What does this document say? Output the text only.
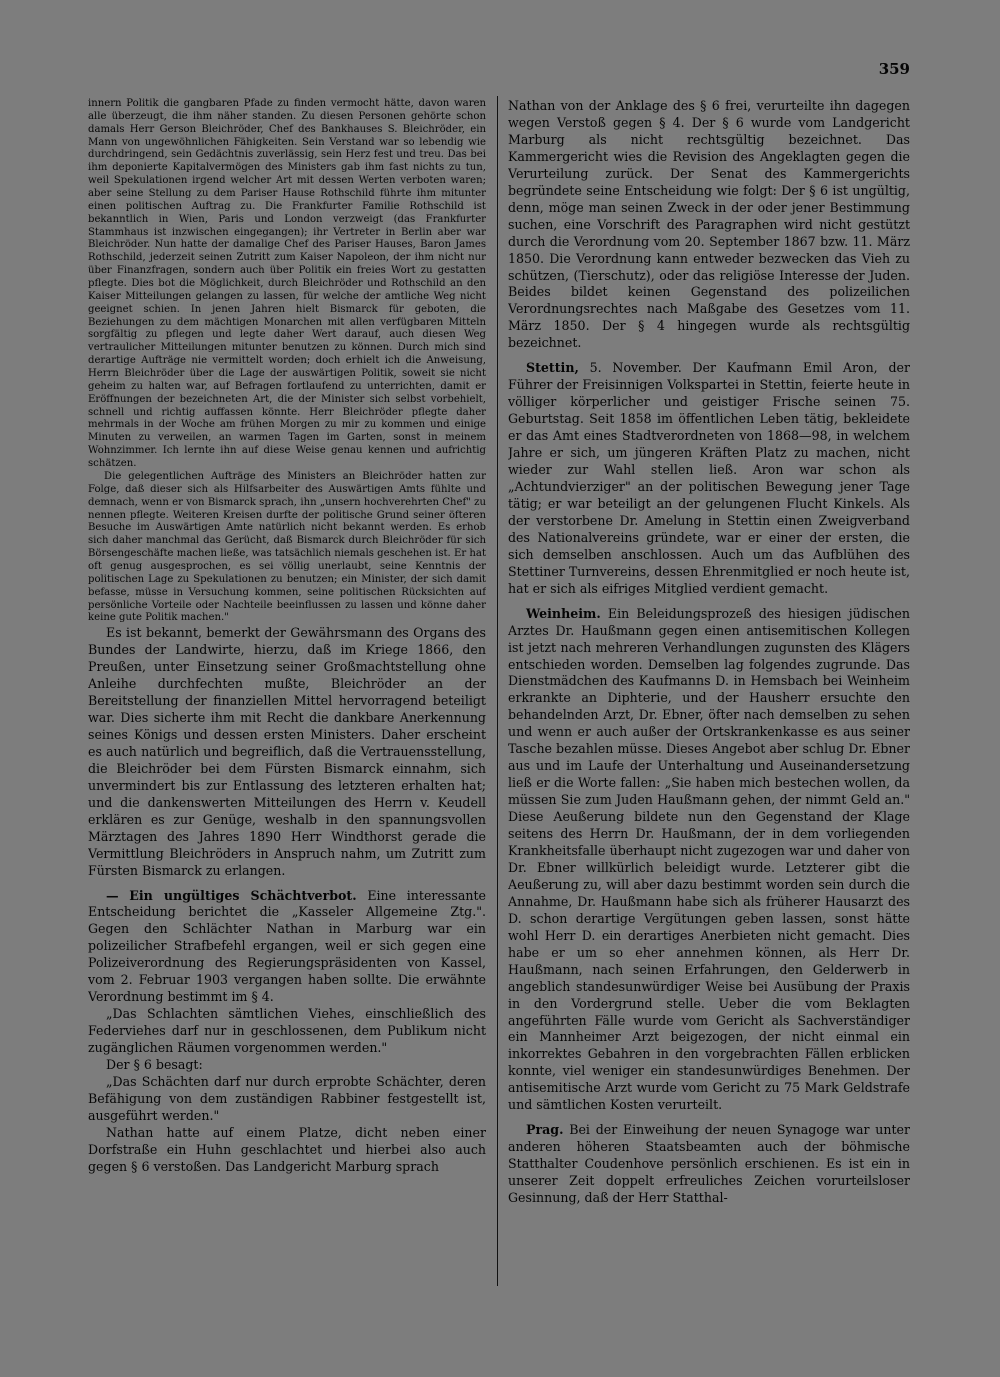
359

innern Politik die gangbaren Pfade zu finden vermocht hätte, davon waren alle überzeugt, die ihm näher standen. Zu diesen Personen gehörte schon damals Herr Gerson Bleichröder, Chef des Bankhauses S. Bleichröder, ein Mann von ungewöhnlichen Fähigkeiten. Sein Verstand war so lebendig wie durchdringend, sein Gedächtnis zuverlässig, sein Herz fest und treu. Das bei ihm deponierte Kapitalvermögen des Ministers gab ihm fast nichts zu tun, weil Spekulationen irgend welcher Art mit dessen Werten verboten waren; aber seine Stellung zu dem Pariser Hause Rothschild führte ihm mitunter einen politischen Auftrag zu. Die Frankfurter Familie Rothschild ist bekanntlich in Wien, Paris und London verzweigt (das Frankfurter Stammhaus ist inzwischen eingegangen); ihr Vertreter in Berlin aber war Bleichröder. Nun hatte der damalige Chef des Pariser Hauses, Baron James Rothschild, jederzeit seinen Zutritt zum Kaiser Napoleon, der ihm nicht nur über Finanzfragen, sondern auch über Politik ein freies Wort zu gestatten pflegte. Dies bot die Möglichkeit, durch Bleichröder und Rothschild an den Kaiser Mitteilungen gelangen zu lassen, für welche der amtliche Weg nicht geeignet schien. In jenen Jahren hielt Bismarck für geboten, die Beziehungen zu dem mächtigen Monarchen mit allen verfügbaren Mitteln sorgfältig zu pflegen und legte daher Wert darauf, auch diesen Weg vertraulicher Mitteilungen mitunter benutzen zu können. Durch mich sind derartige Aufträge nie vermittelt worden; doch erhielt ich die Anweisung, Herrn Bleichröder über die Lage der auswärtigen Politik, soweit sie nicht geheim zu halten war, auf Befragen fortlaufend zu unterrichten, damit er Eröffnungen der bezeichneten Art, die der Minister sich selbst vorbehielt, schnell und richtig auffassen könnte. Herr Bleichröder pflegte daher mehrmals in der Woche am frühen Morgen zu mir zu kommen und einige Minuten zu verweilen, an warmen Tagen im Garten, sonst in meinem Wohnzimmer. Ich lernte ihn auf diese Weise genau kennen und aufrichtig schätzen.

Die gelegentlichen Aufträge des Ministers an Bleichröder hatten zur Folge, daß dieser sich als Hilfsarbeiter des Auswärtigen Amts fühlte und demnach, wenn er von Bismarck sprach, ihn „unsern hochverehrten Chef" zu nennen pflegte. Weiteren Kreisen durfte der politische Grund seiner öfteren Besuche im Auswärtigen Amte natürlich nicht bekannt werden. Es erhob sich daher manchmal das Gerücht, daß Bismarck durch Bleichröder für sich Börsengeschäfte machen ließe, was tatsächlich niemals geschehen ist. Er hat oft genug ausgesprochen, es sei völlig unerlaubt, seine Kenntnis der politischen Lage zu Spekulationen zu benutzen; ein Minister, der sich damit befasse, müsse in Versuchung kommen, seine politischen Rücksichten auf persönliche Vorteile oder Nachteile beeinflussen zu lassen und könne daher keine gute Politik machen."

Es ist bekannt, bemerkt der Gewährsmann des Organs des Bundes der Landwirte, hierzu, daß im Kriege 1866, den Preußen, unter Einsetzung seiner Großmachtstellung ohne Anleihe durchfechten mußte, Bleichröder an der Bereitstellung der finanziellen Mittel hervorragend beteiligt war. Dies sicherte ihm mit Recht die dankbare Anerkennung seines Königs und dessen ersten Ministers. Daher erscheint es auch natürlich und begreiflich, daß die Vertrauensstellung, die Bleichröder bei dem Fürsten Bismarck einnahm, sich unvermindert bis zur Entlassung des letzteren erhalten hat; und die dankenswerten Mitteilungen des Herrn v. Keudell erklären es zur Genüge, weshalb in den spannungsvollen Märztagen des Jahres 1890 Herr Windthorst gerade die Vermittlung Bleichröders in Anspruch nahm, um Zutritt zum Fürsten Bismarck zu erlangen.

— Ein ungültiges Schächtverbot. Eine interessante Entscheidung berichtet die „Kasseler Allgemeine Ztg.". Gegen den Schlächter Nathan in Marburg war ein polizeilicher Strafbefehl ergangen, weil er sich gegen eine Polizeiverordnung des Regierungspräsidenten von Kassel, vom 2. Februar 1903 vergangen haben sollte. Die erwähnte Verordnung bestimmt im § 4.

„Das Schlachten sämtlichen Viehes, einschließlich des Federviehes darf nur in geschlossenen, dem Publikum nicht zugänglichen Räumen vorgenommen werden."

Der § 6 besagt:

„Das Schächten darf nur durch erprobte Schächter, deren Befähigung von dem zuständigen Rabbiner festgestellt ist, ausgeführt werden."

Nathan hatte auf einem Platze, dicht neben einer Dorfstraße ein Huhn geschlachtet und hierbei also auch gegen § 6 verstoßen. Das Landgericht Marburg sprach

Nathan von der Anklage des § 6 frei, verurteilte ihn dagegen wegen Verstoß gegen § 4. Der § 6 wurde vom Landgericht Marburg als nicht rechtsgültig bezeichnet. Das Kammergericht wies die Revision des Angeklagten gegen die Verurteilung zurück. Der Senat des Kammergerichts begründete seine Entscheidung wie folgt: Der § 6 ist ungültig, denn, möge man seinen Zweck in der oder jener Bestimmung suchen, eine Vorschrift des Paragraphen wird nicht gestützt durch die Verordnung vom 20. September 1867 bzw. 11. März 1850. Die Verordnung kann entweder bezwecken das Vieh zu schützen, (Tierschutz), oder das religiöse Interesse der Juden. Beides bildet keinen Gegenstand des polizeilichen Verordnungsrechtes nach Maßgabe des Gesetzes vom 11. März 1850. Der § 4 hingegen wurde als rechtsgültig bezeichnet.

Stettin, 5. November. Der Kaufmann Emil Aron, der Führer der Freisinnigen Volkspartei in Stettin, feierte heute in völliger körperlicher und geistiger Frische seinen 75. Geburtstag. Seit 1858 im öffentlichen Leben tätig, bekleidete er das Amt eines Stadtverordneten von 1868—98, in welchem Jahre er sich, um jüngeren Kräften Platz zu machen, nicht wieder zur Wahl stellen ließ. Aron war schon als „Achtundvierziger" an der politischen Bewegung jener Tage tätig; er war beteiligt an der gelungenen Flucht Kinkels. Als der verstorbene Dr. Amelung in Stettin einen Zweigverband des Nationalvereins gründete, war er einer der ersten, die sich demselben anschlossen. Auch um das Aufblühen des Stettiner Turnvereins, dessen Ehrenmitglied er noch heute ist, hat er sich als eifriges Mitglied verdient gemacht.

Weinheim. Ein Beleidungsprozeß des hiesigen jüdischen Arztes Dr. Haußmann gegen einen antisemitischen Kollegen ist jetzt nach mehreren Verhandlungen zugunsten des Klägers entschieden worden. Demselben lag folgendes zugrunde. Das Dienstmädchen des Kaufmanns D. in Hemsbach bei Weinheim erkrankte an Diphterie, und der Hausherr ersuchte den behandelnden Arzt, Dr. Ebner, öfter nach demselben zu sehen und wenn er auch außer der Ortskrankenkasse es aus seiner Tasche bezahlen müsse. Dieses Angebot aber schlug Dr. Ebner aus und im Laufe der Unterhaltung und Auseinandersetzung ließ er die Worte fallen: „Sie haben mich bestechen wollen, da müssen Sie zum Juden Haußmann gehen, der nimmt Geld an." Diese Aeußerung bildete nun den Gegenstand der Klage seitens des Herrn Dr. Haußmann, der in dem vorliegenden Krankheitsfalle überhaupt nicht zugezogen war und daher von Dr. Ebner willkürlich beleidigt wurde. Letzterer gibt die Aeußerung zu, will aber dazu bestimmt worden sein durch die Annahme, Dr. Haußmann habe sich als früherer Hausarzt des D. schon derartige Vergütungen geben lassen, sonst hätte wohl Herr D. ein derartiges Anerbieten nicht gemacht. Dies habe er um so eher annehmen können, als Herr Dr. Haußmann, nach seinen Erfahrungen, den Gelderwerb in angeblich standesunwürdiger Weise bei Ausübung der Praxis in den Vordergrund stelle. Ueber die vom Beklagten angeführten Fälle wurde vom Gericht als Sachverständiger ein Mannheimer Arzt beigezogen, der nicht einmal ein inkorrektes Gebahren in den vorgebrachten Fällen erblicken konnte, viel weniger ein standesunwürdiges Benehmen. Der antisemitische Arzt wurde vom Gericht zu 75 Mark Geldstrafe und sämtlichen Kosten verurteilt.

Prag. Bei der Einweihung der neuen Synagoge war unter anderen höheren Staatsbeamten auch der böhmische Statthalter Coudenhove persönlich erschienen. Es ist ein in unserer Zeit doppelt erfreuliches Zeichen vorurteilsloser Gesinnung, daß der Herr Statthal-
